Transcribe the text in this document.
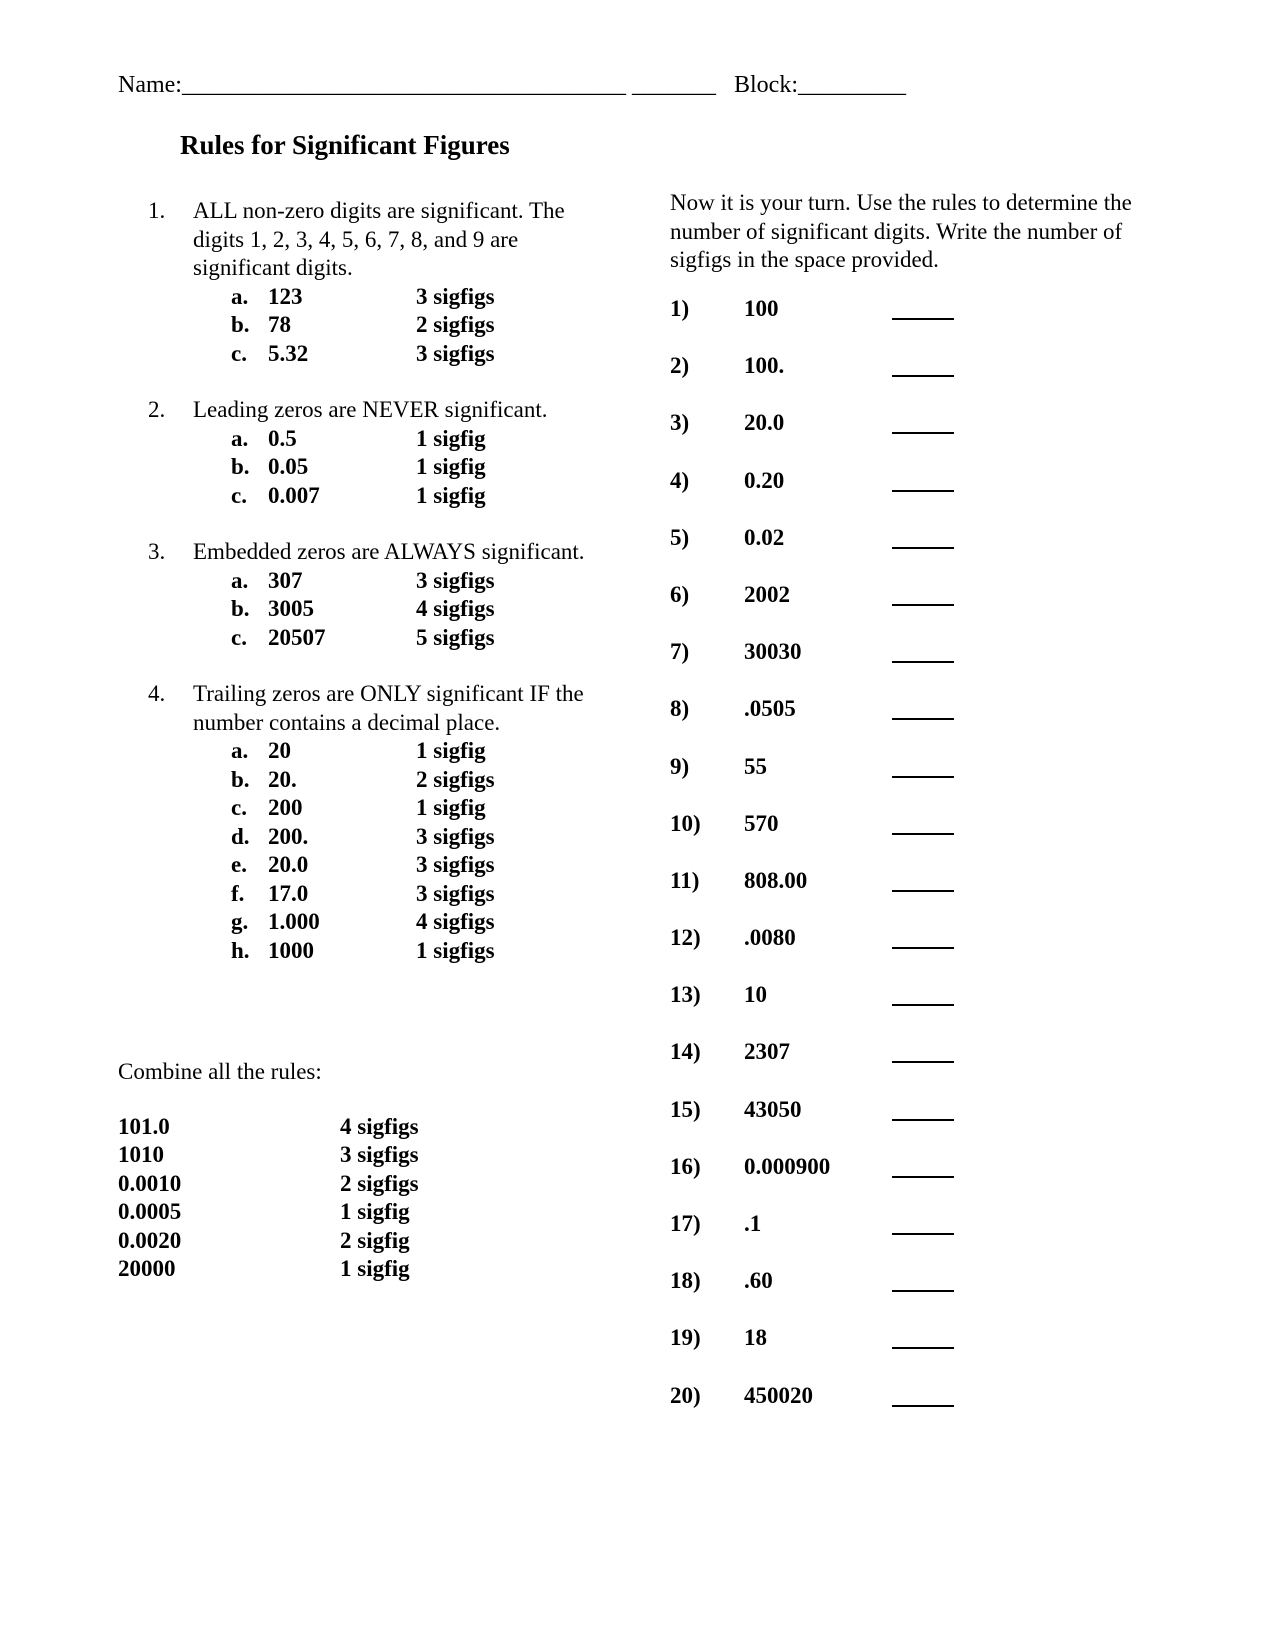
Name:_____________________________________ _______ Block:_________
Rules for Significant Figures
1. ALL non-zero digits are significant. The digits 1, 2, 3, 4, 5, 6, 7, 8, and 9 are significant digits.
a. 123	3 sigfigs
b. 78	2 sigfigs
c. 5.32	3 sigfigs
2. Leading zeros are NEVER significant.
a. 0.5	1 sigfig
b. 0.05	1 sigfig
c. 0.007	1 sigfig
3. Embedded zeros are ALWAYS significant.
a. 307	3 sigfigs
b. 3005	4 sigfigs
c. 20507	5 sigfigs
4. Trailing zeros are ONLY significant IF the number contains a decimal place.
a. 20	1 sigfig
b. 20.	2 sigfigs
c. 200	1 sigfig
d. 200.	3 sigfigs
e. 20.0	3 sigfigs
f. 17.0	3 sigfigs
g. 1.000	4 sigfigs
h. 1000	1 sigfigs
Combine all the rules:
101.0	4 sigfigs
1010	3 sigfigs
0.0010	2 sigfigs
0.0005	1 sigfig
0.0020	2 sigfig
20000	1 sigfig
Now it is your turn. Use the rules to determine the number of significant digits. Write the number of sigfigs in the space provided.
1) 100
2) 100.
3) 20.0
4) 0.20
5) 0.02
6) 2002
7) 30030
8) .0505
9) 55
10) 570
11) 808.00
12) .0080
13) 10
14) 2307
15) 43050
16) 0.000900
17) .1
18) .60
19) 18
20) 450020
